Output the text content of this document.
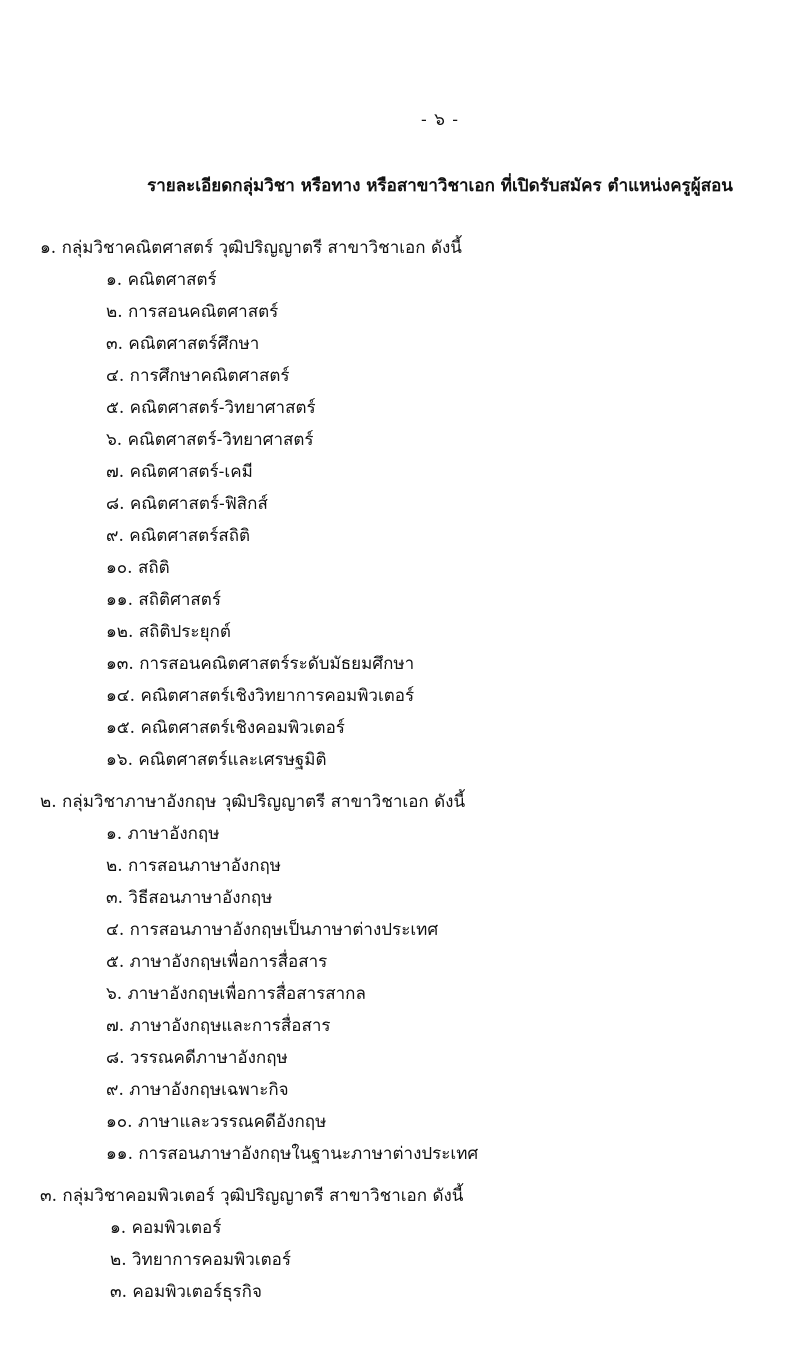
- ๖ -
รายละเอียดกลุ่มวิชา หรือทาง หรือสาขาวิชาเอก ที่เปิดรับสมัคร ตำแหน่งครูผู้สอน
๑. กลุ่มวิชาคณิตศาสตร์ วุฒิปริญญาตรี สาขาวิชาเอก ดังนี้
๑. คณิตศาสตร์
๒. การสอนคณิตศาสตร์
๓. คณิตศาสตร์ศึกษา
๔. การศึกษาคณิตศาสตร์
๕. คณิตศาสตร์-วิทยาศาสตร์
๖. คณิตศาสตร์-วิทยาศาสตร์
๗. คณิตศาสตร์-เคมี
๘. คณิตศาสตร์-ฟิสิกส์
๙. คณิตศาสตร์สถิติ
๑๐. สถิติ
๑๑. สถิติศาสตร์
๑๒. สถิติประยุกต์
๑๓. การสอนคณิตศาสตร์ระดับมัธยมศึกษา
๑๔. คณิตศาสตร์เชิงวิทยาการคอมพิวเตอร์
๑๕. คณิตศาสตร์เชิงคอมพิวเตอร์
๑๖. คณิตศาสตร์และเศรษฐมิติ
๒. กลุ่มวิชาภาษาอังกฤษ วุฒิปริญญาตรี สาขาวิชาเอก ดังนี้
๑. ภาษาอังกฤษ
๒. การสอนภาษาอังกฤษ
๓. วิธีสอนภาษาอังกฤษ
๔. การสอนภาษาอังกฤษเป็นภาษาต่างประเทศ
๕. ภาษาอังกฤษเพื่อการสื่อสาร
๖. ภาษาอังกฤษเพื่อการสื่อสารสากล
๗. ภาษาอังกฤษและการสื่อสาร
๘. วรรณคดีภาษาอังกฤษ
๙. ภาษาอังกฤษเฉพาะกิจ
๑๐. ภาษาและวรรณคดีอังกฤษ
๑๑. การสอนภาษาอังกฤษในฐานะภาษาต่างประเทศ
๓. กลุ่มวิชาคอมพิวเตอร์ วุฒิปริญญาตรี สาขาวิชาเอก ดังนี้
๑. คอมพิวเตอร์
๒. วิทยาการคอมพิวเตอร์
๓. คอมพิวเตอร์ธุรกิจ
